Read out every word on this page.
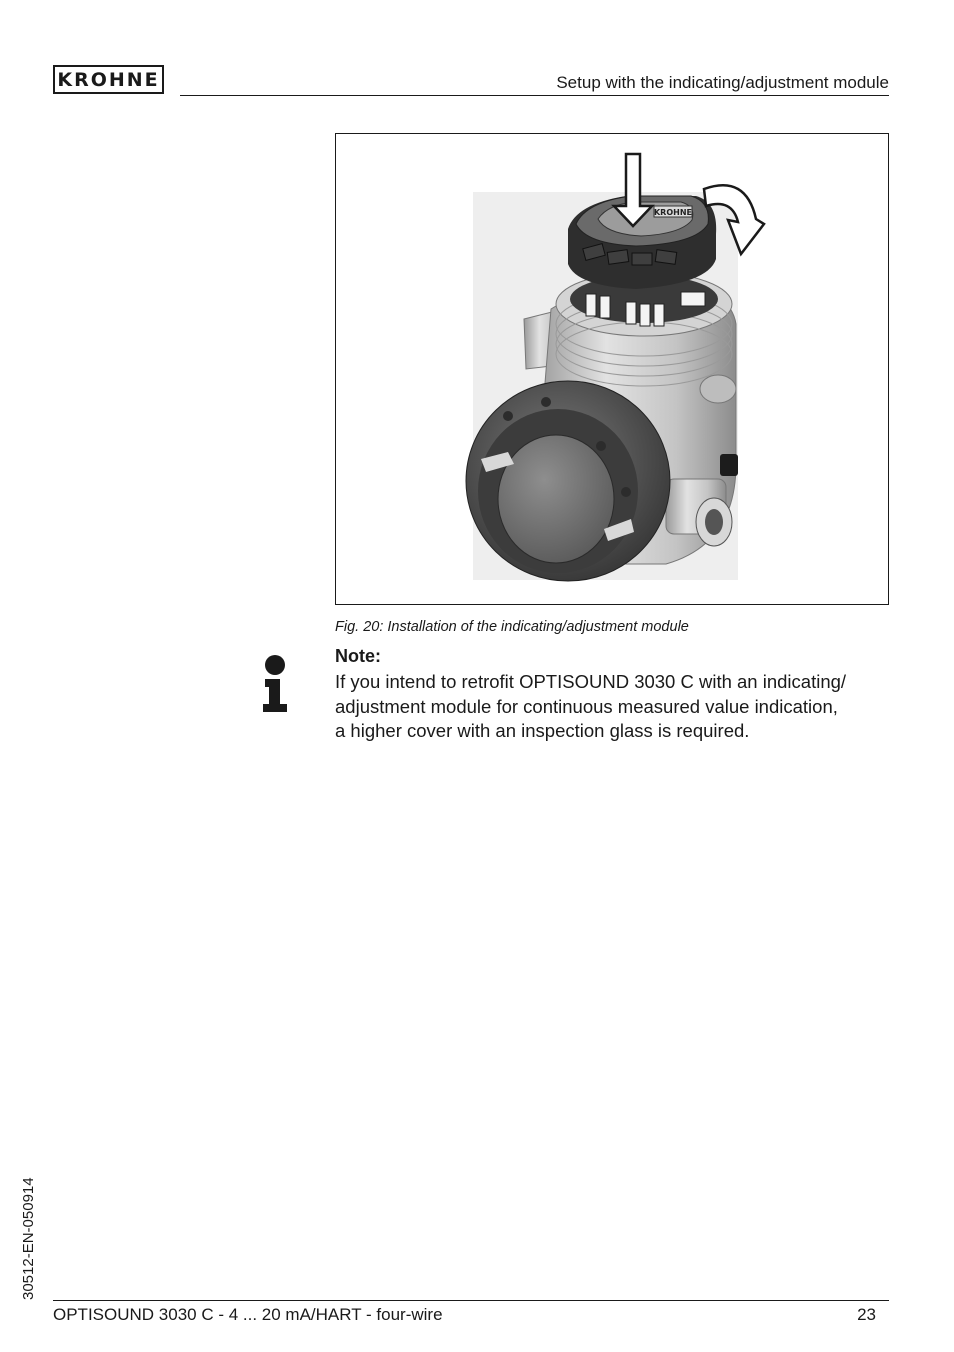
KROHNE	Setup with the indicating/adjustment module
KROHNE
Fig. 20: Installation of the indicating/adjustment module
Note:
If you intend to retrofit OPTISOUND 3030 C with an indicating/
adjustment module for continuous measured value indication,
a higher cover with an inspection glass is required.
30512-EN-050914
OPTISOUND 3030 C - 4 ... 20 mA/HART - four-wire	23
